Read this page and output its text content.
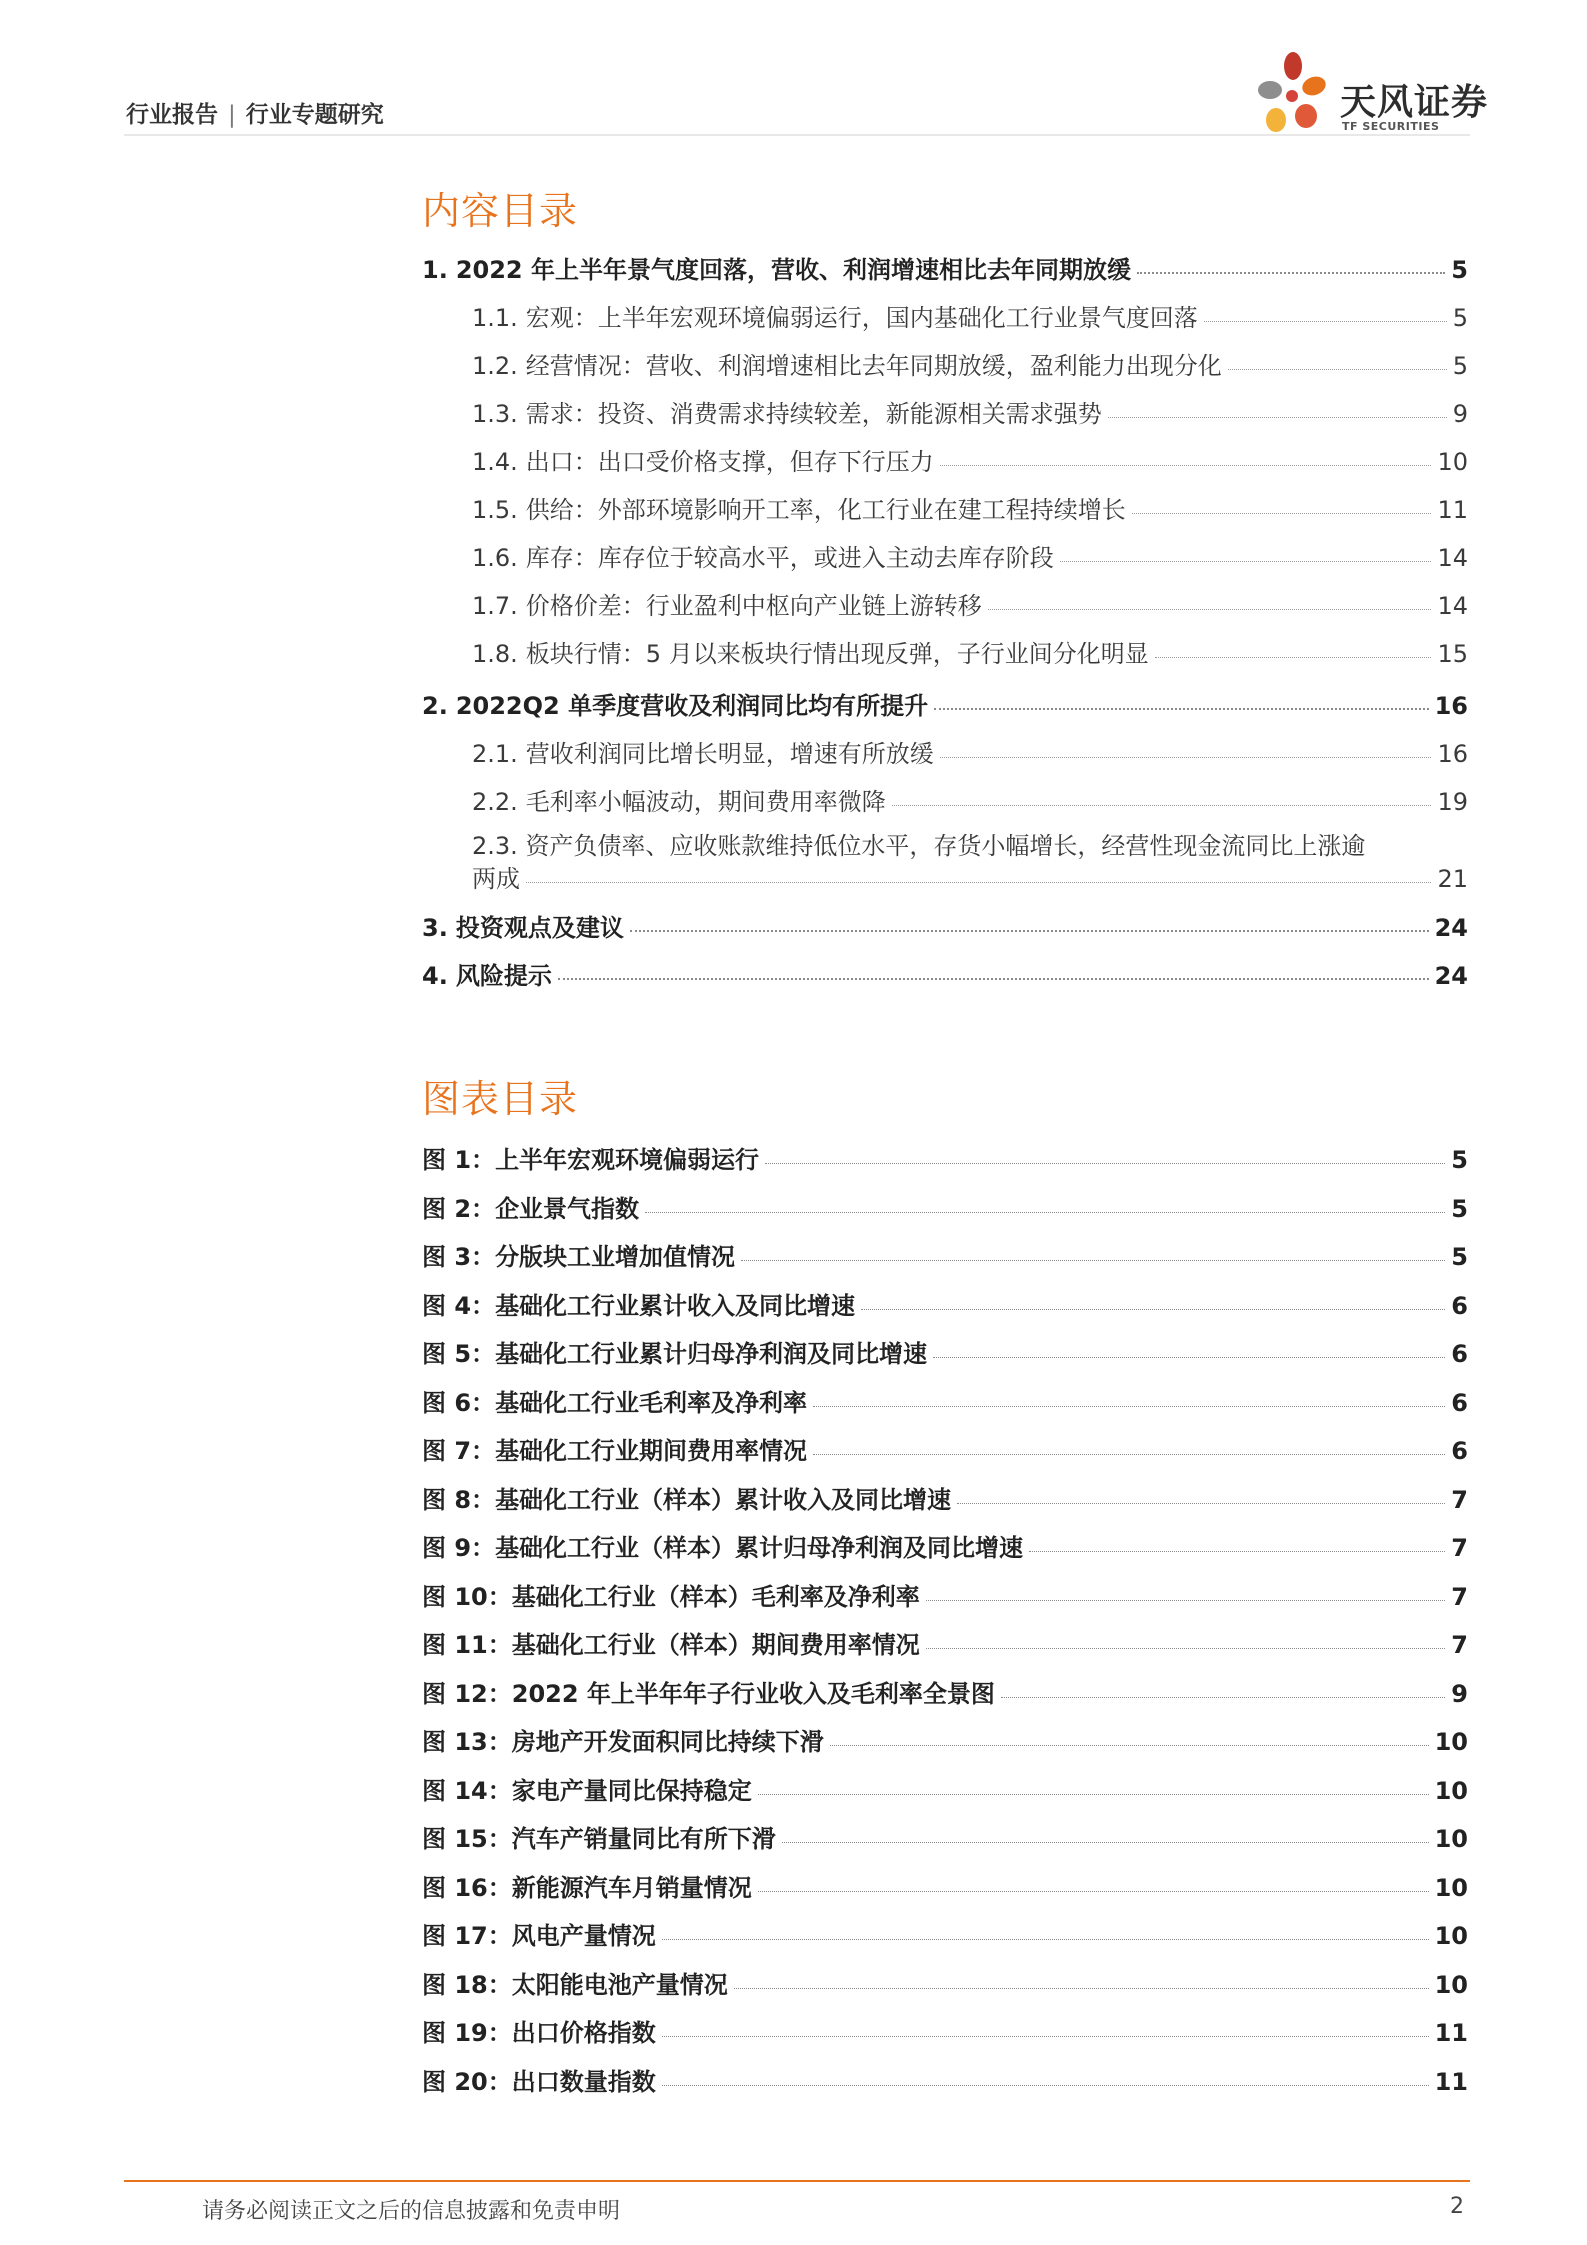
行业报告 | 行业专题研究	天风证券
TF SECURITIES
内容目录
1. 2022 年上半年景气度回落，营收、利润增速相比去年同期放缓	5
1.1. 宏观：上半年宏观环境偏弱运行，国内基础化工行业景气度回落	5
1.2. 经营情况：营收、利润增速相比去年同期放缓，盈利能力出现分化	5
1.3. 需求：投资、消费需求持续较差，新能源相关需求强势	9
1.4. 出口：出口受价格支撑，但存下行压力	10
1.5. 供给：外部环境影响开工率，化工行业在建工程持续增长	11
1.6. 库存：库存位于较高水平，或进入主动去库存阶段	14
1.7. 价格价差：行业盈利中枢向产业链上游转移	14
1.8. 板块行情：5 月以来板块行情出现反弹，子行业间分化明显	15
2. 2022Q2 单季度营收及利润同比均有所提升	16
2.1. 营收利润同比增长明显，增速有所放缓	16
2.2. 毛利率小幅波动，期间费用率微降	19
2.3. 资产负债率、应收账款维持低位水平，存货小幅增长，经营性现金流同比上涨逾
两成	21
3. 投资观点及建议	24
4. 风险提示	24
图表目录
图 1： 上半年宏观环境偏弱运行	5
图 2： 企业景气指数	5
图 3： 分版块工业增加值情况	5
图 4： 基础化工行业累计收入及同比增速	6
图 5： 基础化工行业累计归母净利润及同比增速	6
图 6： 基础化工行业毛利率及净利率	6
图 7： 基础化工行业期间费用率情况	6
图 8： 基础化工行业（样本）累计收入及同比增速	7
图 9： 基础化工行业（样本）累计归母净利润及同比增速	7
图 10： 基础化工行业（样本）毛利率及净利率	7
图 11： 基础化工行业（样本）期间费用率情况	7
图 12： 2022 年上半年年子行业收入及毛利率全景图	9
图 13： 房地产开发面积同比持续下滑	10
图 14： 家电产量同比保持稳定	10
图 15： 汽车产销量同比有所下滑	10
图 16： 新能源汽车月销量情况	10
图 17： 风电产量情况	10
图 18： 太阳能电池产量情况	10
图 19： 出口价格指数	11
图 20： 出口数量指数	11
请务必阅读正文之后的信息披露和免责申明	2
